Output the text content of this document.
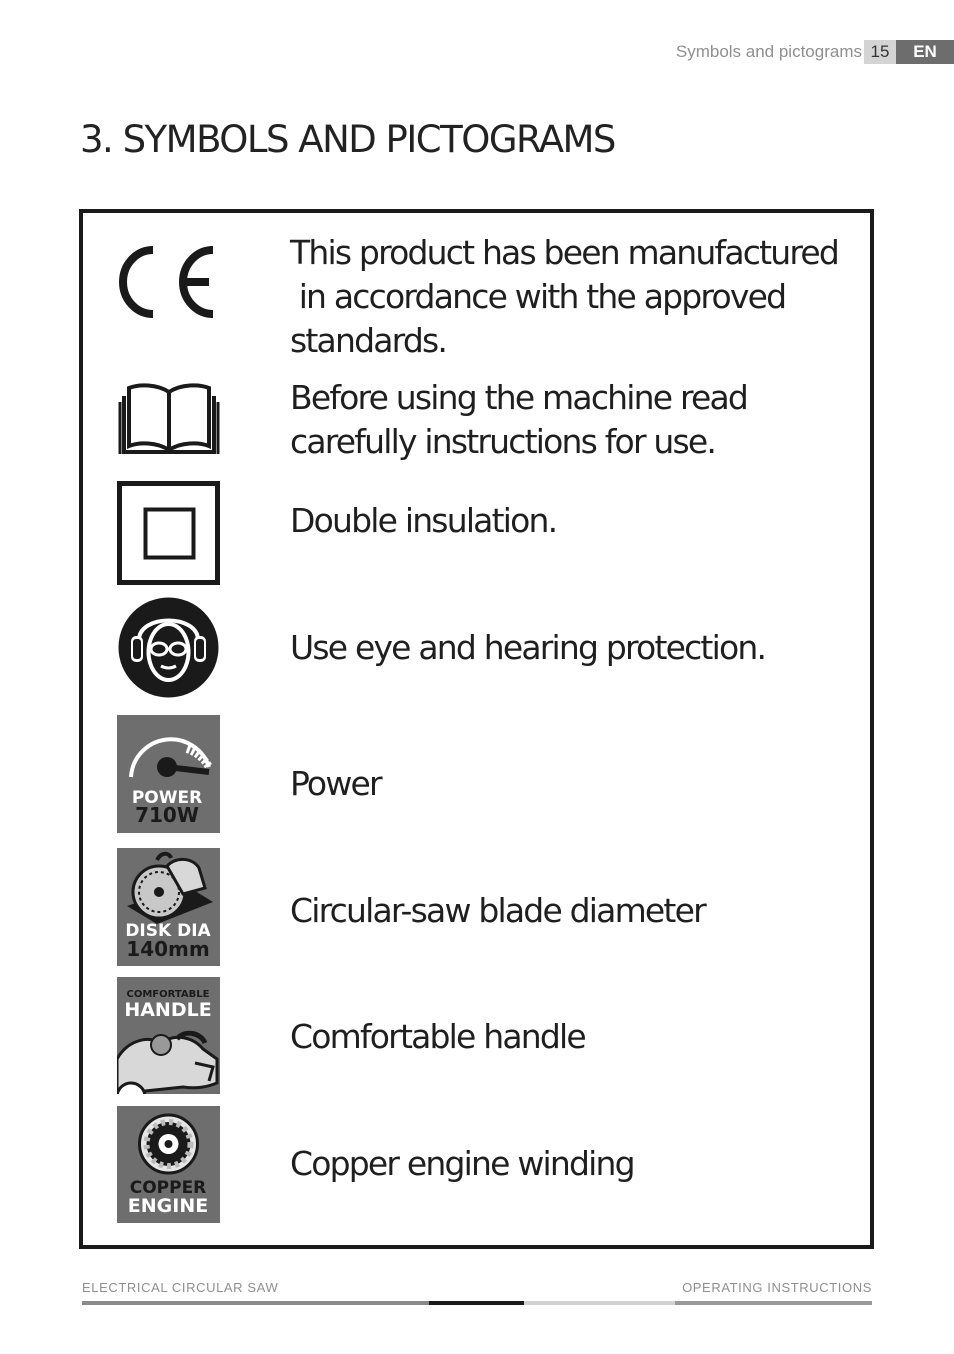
Symbols and pictograms 15	EN
3. SYMBOLS AND PICTOGRAMS
This product has been manufactured
in accordance with the approved
standards.
Before using the machine read
carefully instructions for use.
Double insulation.
Use eye and hearing protection.
POWER
710W
Power
DISK DIA
140mm
Circular-saw blade diameter
COMFORTABLE
HANDLE
Comfortable handle
COPPER
ENGINE
Copper engine winding
ELECTRICAL CIRCULAR SAW	OPERATING INSTRUCTIONS
